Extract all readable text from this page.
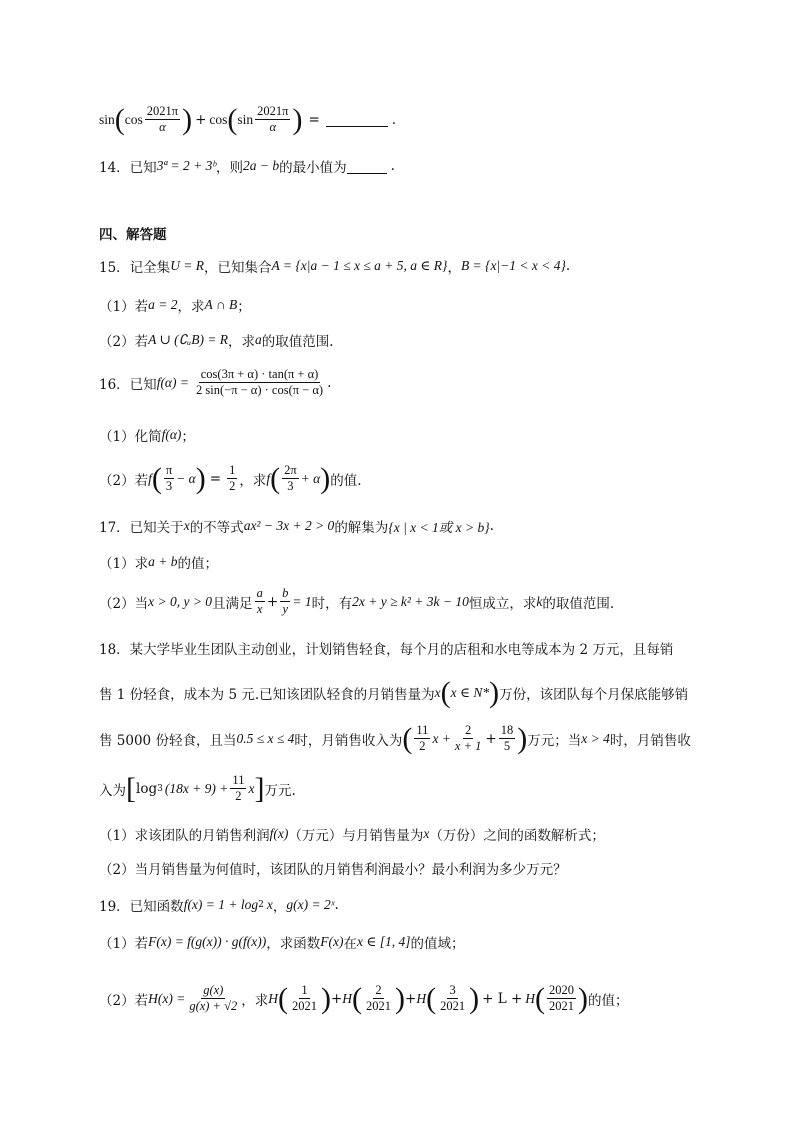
sin ( $\cos \frac{2021\pi}{\alpha}$ ) + cos ( $\sin \frac{2021\pi}{\alpha}$ ) =	.
14．已知 3ª = 2 + 3ᵇ ，则 2a − b 的最小值为	.
四、解答题
15．记全集 U = R ，已知集合 A = {x|a − 1 ≤ x ≤ a + 5, a ∈ R} ， B = {x|−1 < x < 4} .
（1）若 a = 2 ，求 A ∩ B ；
（2）若 A ∪ (∁ᵤB) = R ，求 a 的取值范围.
16．已知 $f(\alpha) = \frac{\cos(3\pi + \alpha) \cdot \tan(\pi + \alpha)}{2 \sin(-\pi - \alpha) \cdot \cos(\pi - \alpha)}$ .
（1）化简 f(α) ；
（2）若 f ( $\frac{\pi}{3} - \alpha$ ) = $\frac{1}{2}$ ，求 f ( $\frac{2\pi}{3} + \alpha$ ) 的值.
17．已知关于 x 的不等式 ax² − 3x + 2 > 0 的解集为 {x | x < 1或 x > b} .
（1）求 a + b 的值；
（2）当 x > 0, y > 0 且满足 $\frac{a}{x} + \frac{b}{y} = 1$ 时，有 2x + y ≥ k² + 3k − 10 恒成立，求 k 的取值范围.
18．某大学毕业生团队主动创业，计划销售轻食，每个月的店租和水电等成本为 2 万元，且每销
售 1 份轻食，成本为 5 元.已知该团队轻食的月销售量为 x ( x ∈ N* ) 万份，该团队每个月保底能够销
售 5000 份轻食，且当 0.5 ≤ x ≤ 4 时，月销售收入为 ( $\frac{11}{2}$ $x + \frac{2}{x + 1} + \frac{18}{5}$ ) 万元；当 x > 4 时，月销售收
入为 [ log 3 $(18x + 9) + \frac{11}{2}$ x ] 万元.
（1）求该团队的月销售利润 f(x) （万元）与月销售量为 x （万份）之间的函数解析式；
（2）当月销售量为何值时，该团队的月销售利润最小？最小利润为多少万元？
19．已知函数 f(x) = 1 + log 2 x ， g(x) = 2ˣ .
（1）若 F(x) = f(g(x)) · g(f(x)) ，求函数 F(x) 在 x ∈ [1, 4] 的值域；
（2）若 $H(x) = \frac{g(x)}{g(x) + √2}$ ，求 H ( $\frac{1}{2021}$ ) + H ( $\frac{2}{2021}$ ) + H ( $\frac{3}{2021}$ ) + L + H ( $\frac{2020}{2021}$ ) 的值；
